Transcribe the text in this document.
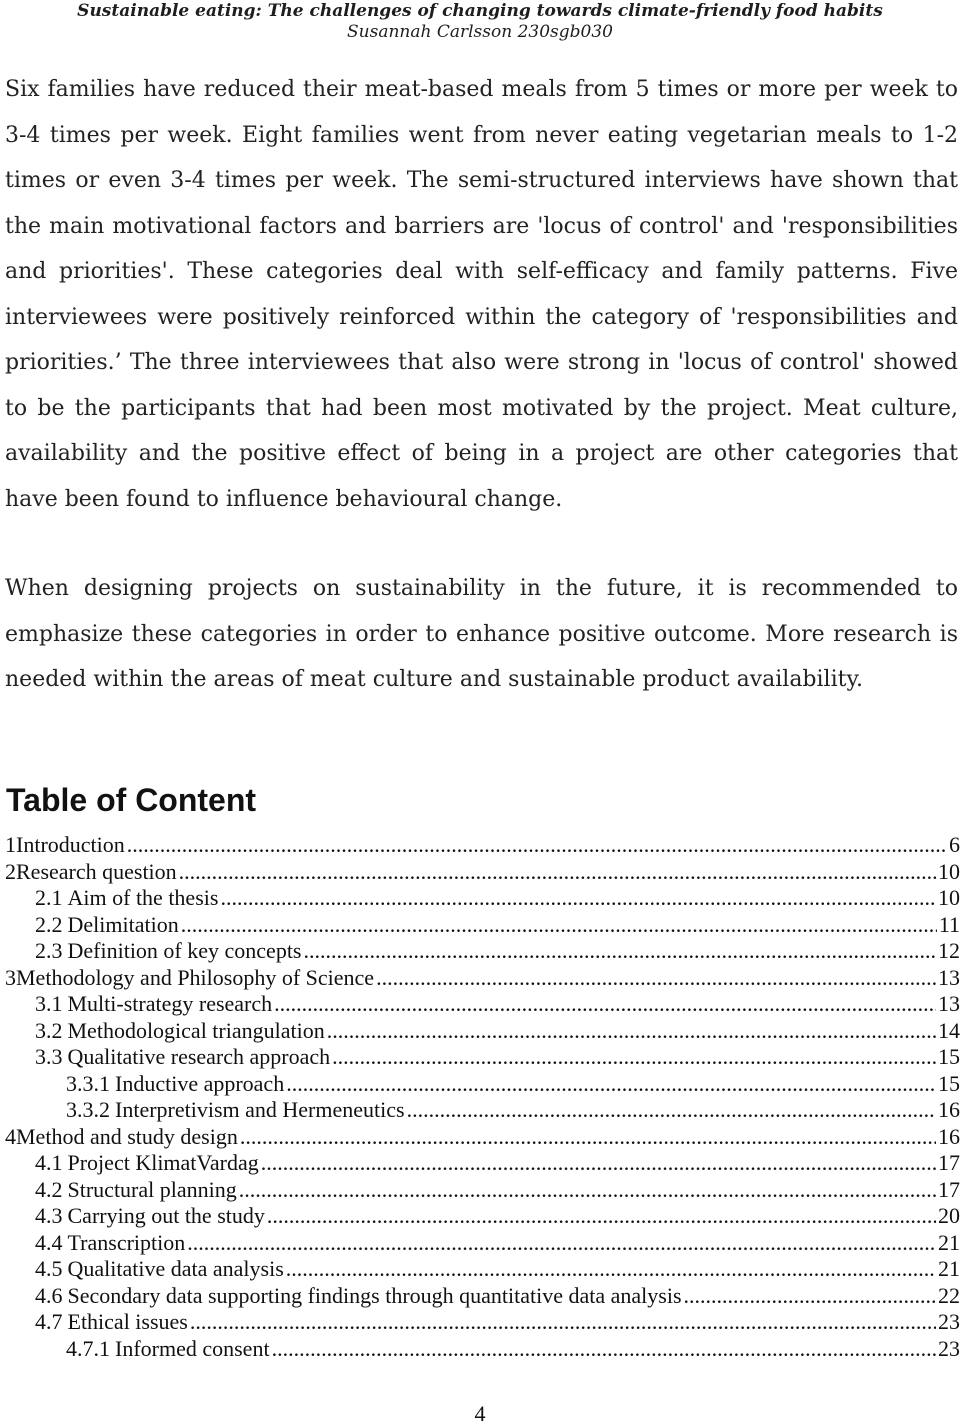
Sustainable eating: The challenges of changing towards climate-friendly food habits
Susannah Carlsson 230sgb030

Six families have reduced their meat-based meals from 5 times or more per week to 3-4 times per week. Eight families went from never eating vegetarian meals to 1-2 times or even 3-4 times per week. The semi-structured interviews have shown that the main motivational factors and barriers are 'locus of control' and 'responsibilities and priorities'. These categories deal with self-efficacy and family patterns. Five interviewees were positively reinforced within the category of 'responsibilities and priorities.’ The three interviewees that also were strong in 'locus of control' showed to be the participants that had been most motivated by the project. Meat culture, availability and the positive effect of being in a project are other categories that have been found to influence behavioural change.

When designing projects on sustainability in the future, it is recommended to emphasize these categories in order to enhance positive outcome. More research is needed within the areas of meat culture and sustainable product availability.

Table of Content
1 Introduction .....	6
2 Research question .....	10
2.1 Aim of the thesis .....	10
2.2 Delimitation .....	11
2.3 Definition of key concepts .....	12
3 Methodology and Philosophy of Science .....	13
3.1 Multi-strategy research .....	13
3.2 Methodological triangulation .....	14
3.3 Qualitative research approach .....	15
3.3.1 Inductive approach .....	15
3.3.2 Interpretivism and Hermeneutics .....	16
4 Method and study design .....	16
4.1 Project KlimatVardag .....	17
4.2 Structural planning .....	17
4.3 Carrying out the study .....	20
4.4 Transcription .....	21
4.5 Qualitative data analysis .....	21
4.6 Secondary data supporting findings through quantitative data analysis .....	22
4.7 Ethical issues .....	23
4.7.1 Informed consent .....	23
4
